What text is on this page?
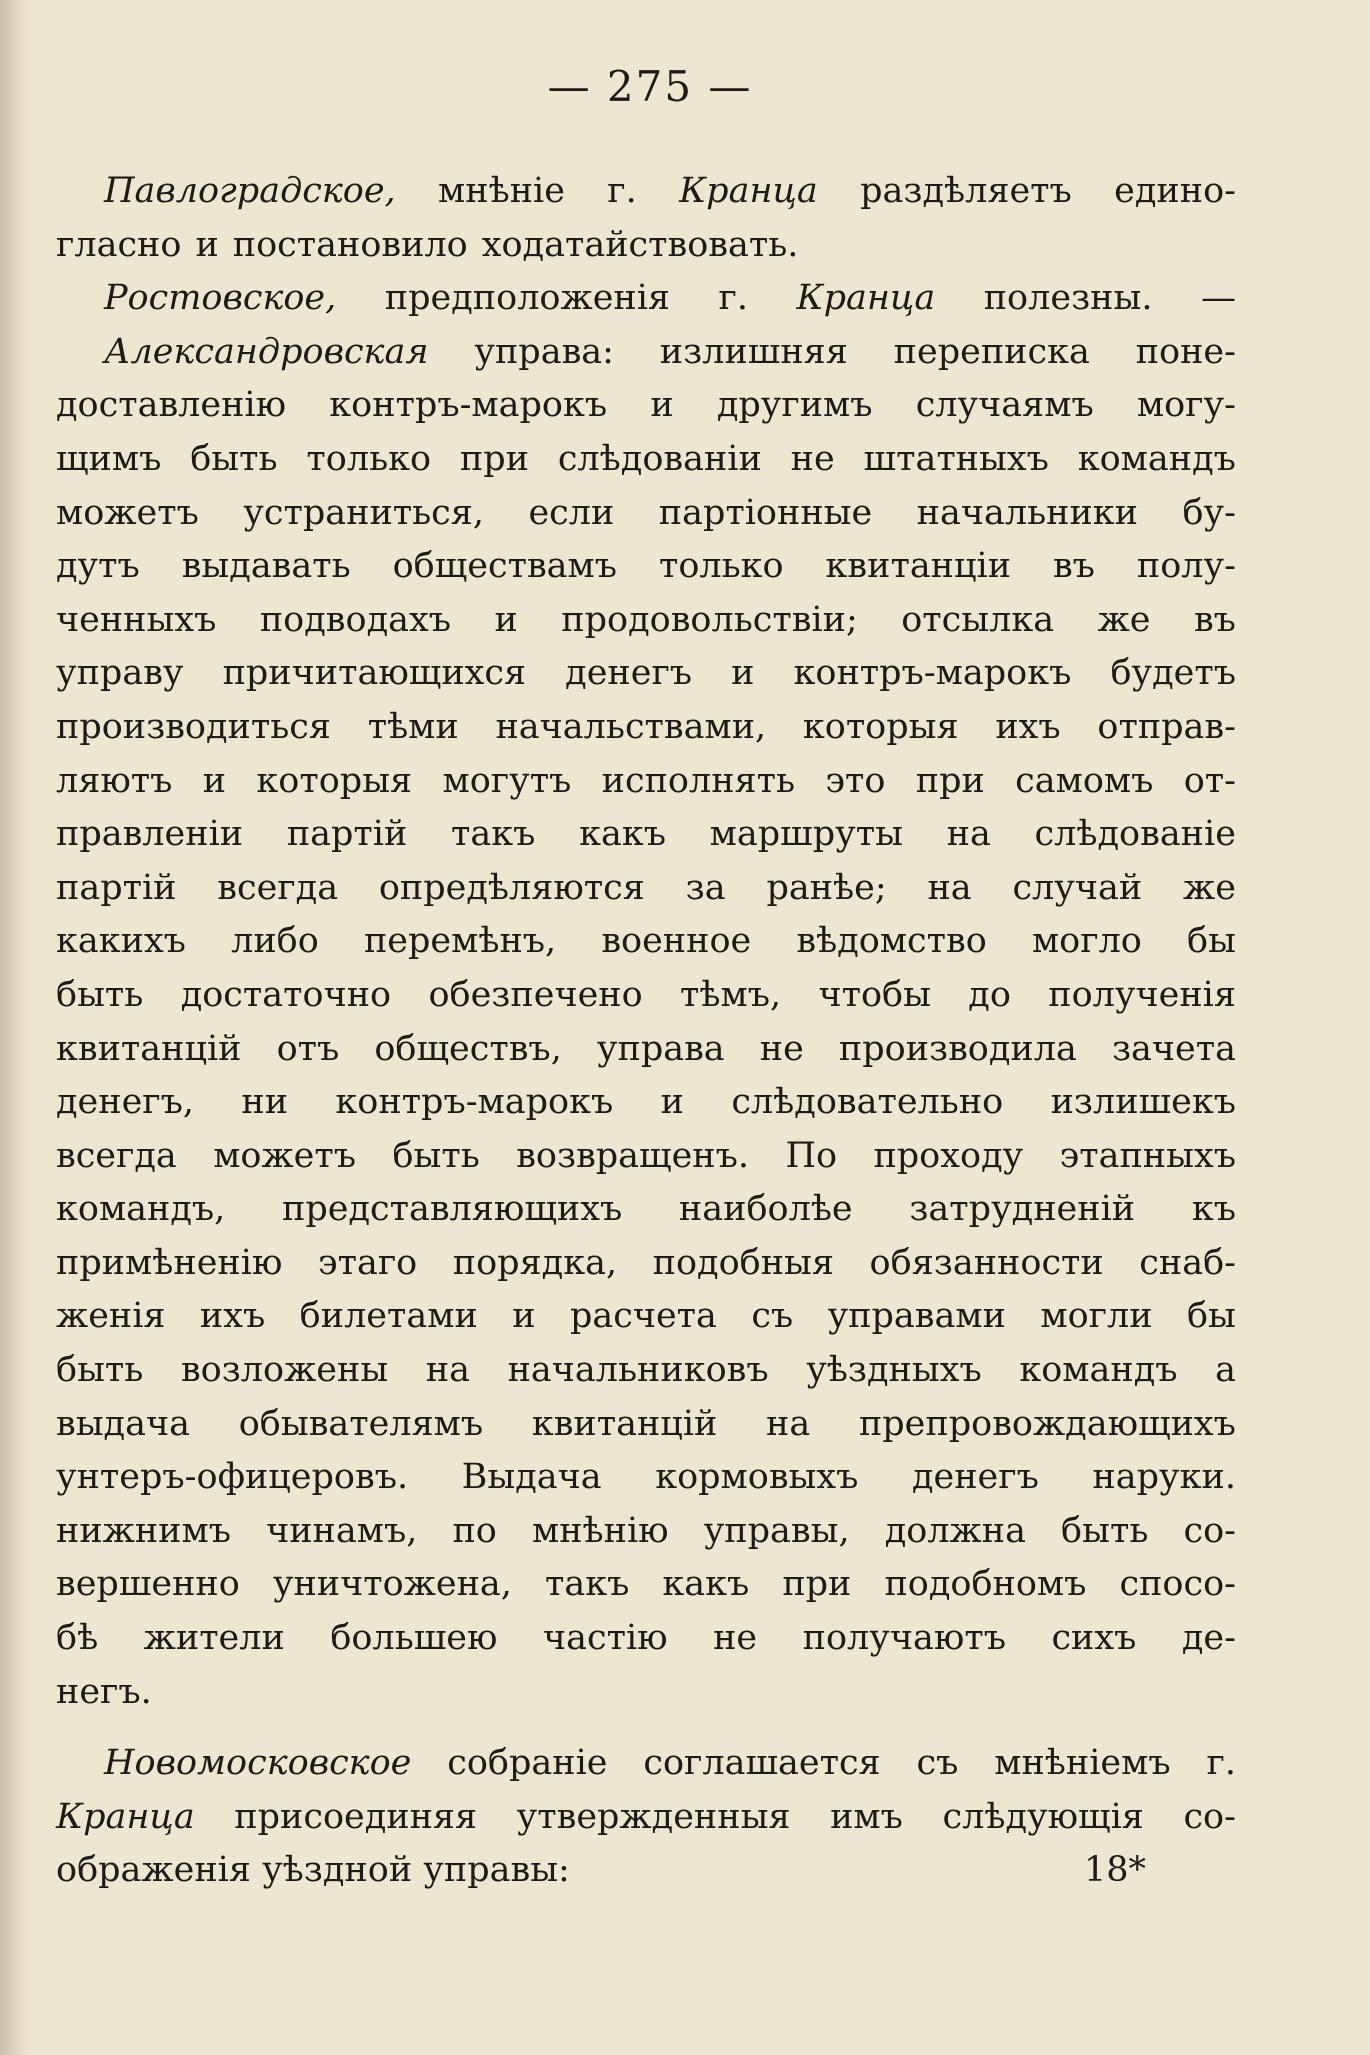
— 275 —
Павлоградское, мнѣніе г. Кранца раздѣляетъ едино-
гласно и постановило ходатайствовать.
Ростовское, предположенія г. Кранца полезны. —
Александровская управа: излишняя переписка поне-
доставленію контръ-марокъ и другимъ случаямъ могу-
щимъ быть только при слѣдованіи не штатныхъ командъ
можетъ устраниться, если партіонные начальники бу-
дутъ выдавать обществамъ только квитанціи въ полу-
ченныхъ подводахъ и продовольствіи; отсылка же въ
управу причитающихся денегъ и контръ-марокъ будетъ
производиться тѣми начальствами, которыя ихъ отправ-
ляютъ и которыя могутъ исполнять это при самомъ от-
правленіи партій такъ какъ маршруты на слѣдованіе
партій всегда опредѣляются за ранѣе; на случай же
какихъ либо перемѣнъ, военное вѣдомство могло бы
быть достаточно обезпечено тѣмъ, чтобы до полученія
квитанцій отъ обществъ, управа не производила зачета
денегъ, ни контръ-марокъ и слѣдовательно излишекъ
всегда можетъ быть возвращенъ. По проходу этапныхъ
командъ, представляющихъ наиболѣе затрудненій къ
примѣненію этаго порядка, подобныя обязанности снаб-
женія ихъ билетами и расчета съ управами могли бы
быть возложены на начальниковъ уѣздныхъ командъ а
выдача обывателямъ квитанцій на препровождающихъ
унтеръ-офицеровъ. Выдача кормовыхъ денегъ наруки.
нижнимъ чинамъ, по мнѣнію управы, должна быть со-
вершенно уничтожена, такъ какъ при подобномъ спосо-
бѣ жители большею частію не получаютъ сихъ де-
негъ.
Новомосковское собраніе соглашается съ мнѣніемъ г.
Кранца присоединяя утвержденныя имъ слѣдующія со-
ображенія
уѣздной
управы:	18*
